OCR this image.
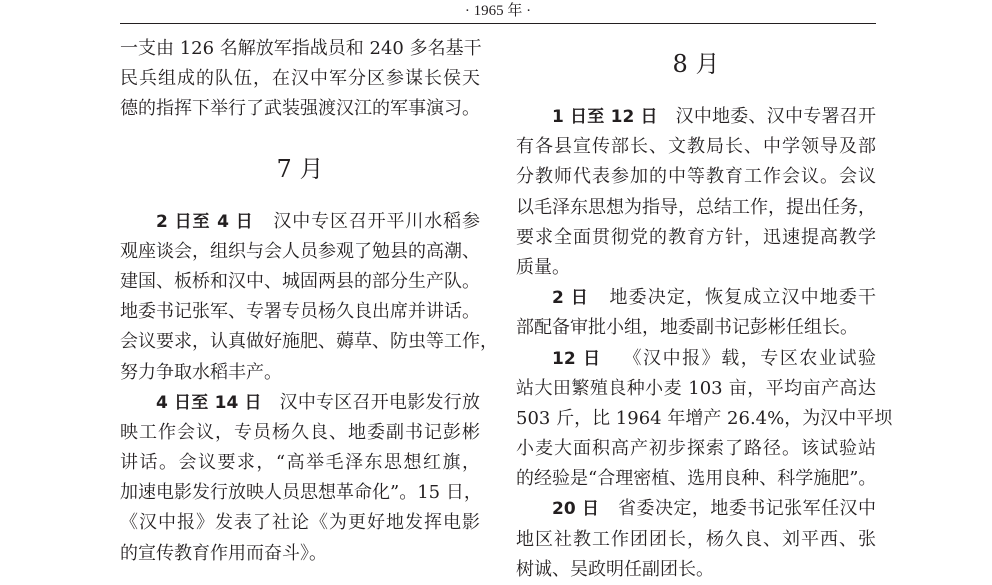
· 1965 年 ·
一支由 126 名解放军指战员和 240 多名基干
民兵组成的队伍，在汉中军分区参谋长侯天
德的指挥下举行了武装强渡汉江的军事演习。
7 月
2 日至 4 日 汉中专区召开平川水稻参
观座谈会，组织与会人员参观了勉县的高潮、
建国、板桥和汉中、城固两县的部分生产队。
地委书记张军、专署专员杨久良出席并讲话。
会议要求，认真做好施肥、薅草、防虫等工作，
努力争取水稻丰产。
4 日至 14 日 汉中专区召开电影发行放
映工作会议，专员杨久良、地委副书记彭彬
讲话。会议要求，“高举毛泽东思想红旗，
加速电影发行放映人员思想革命化”。15 日，
《汉中报》发表了社论《为更好地发挥电影
的宣传教育作用而奋斗》。
8 月
1 日至 12 日 汉中地委、汉中专署召开
有各县宣传部长、文教局长、中学领导及部
分教师代表参加的中等教育工作会议。会议
以毛泽东思想为指导，总结工作，提出任务，
要求全面贯彻党的教育方针，迅速提高教学
质量。
2 日 地委决定，恢复成立汉中地委干
部配备审批小组，地委副书记彭彬任组长。
12 日 《汉中报》载，专区农业试验
站大田繁殖良种小麦 103 亩，平均亩产高达
503 斤，比 1964 年增产 26.4%，为汉中平坝
小麦大面积高产初步探索了路径。该试验站
的经验是“合理密植、选用良种、科学施肥”。
20 日 省委决定，地委书记张军任汉中
地区社教工作团团长，杨久良、刘平西、张
树诚、吴政明任副团长。
